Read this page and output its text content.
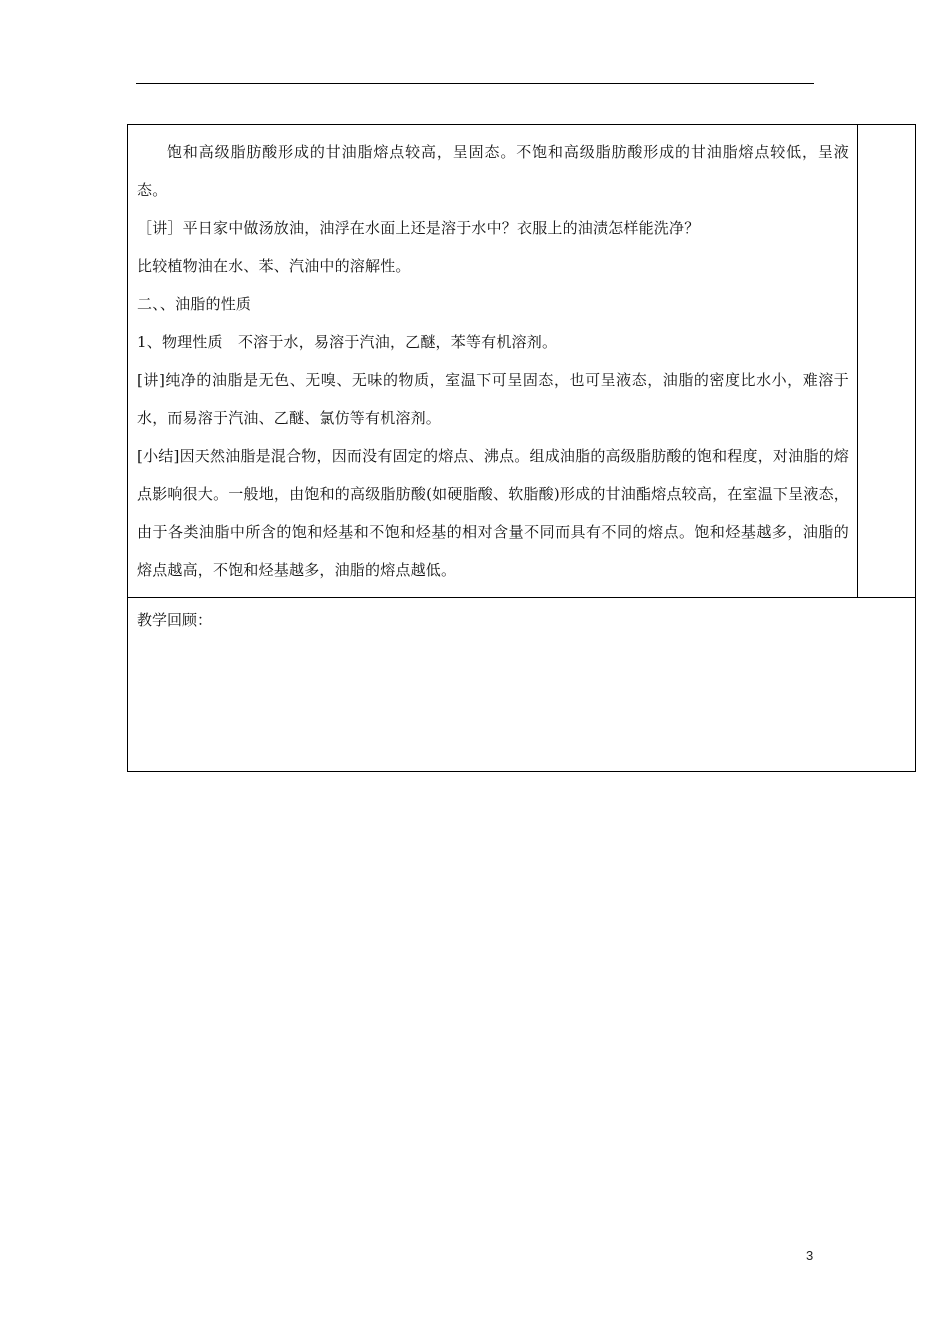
饱和高级脂肪酸形成的甘油脂熔点较高，呈固态。不饱和高级脂肪酸形成的甘油脂熔点较低，呈液态。

［讲］平日家中做汤放油，油浮在水面上还是溶于水中？衣服上的油渍怎样能洗净？

比较植物油在水、苯、汽油中的溶解性。

二、、油脂的性质

1、物理性质　不溶于水，易溶于汽油，乙醚，苯等有机溶剂。

[讲]纯净的油脂是无色、无嗅、无味的物质，室温下可呈固态，也可呈液态，油脂的密度比水小，难溶于水，而易溶于汽油、乙醚、氯仿等有机溶剂。

[小结]因天然油脂是混合物，因而没有固定的熔点、沸点。组成油脂的高级脂肪酸的饱和程度，对油脂的熔点影响很大。一般地，由饱和的高级脂肪酸(如硬脂酸、软脂酸)形成的甘油酯熔点较高，在室温下呈液态，由于各类油脂中所含的饱和烃基和不饱和烃基的相对含量不同而具有不同的熔点。饱和烃基越多，油脂的熔点越高，不饱和烃基越多，油脂的熔点越低。

教学回顾：

3
